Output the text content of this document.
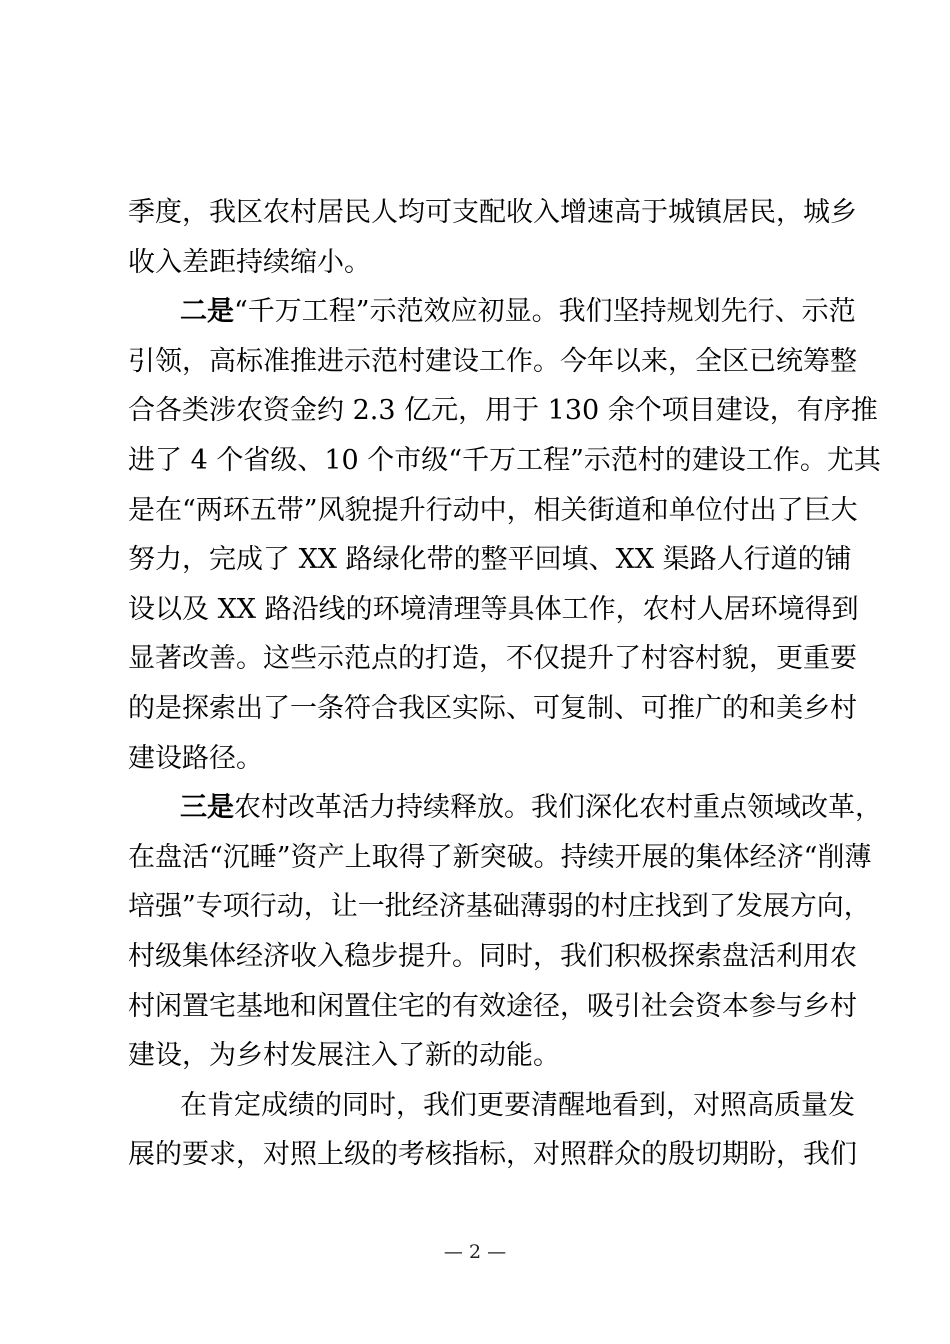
季度，我区农村居民人均可支配收入增速高于城镇居民，城乡
收入差距持续缩小。
二是“千万工程”示范效应初显。我们坚持规划先行、示范
引领，高标准推进示范村建设工作。今年以来，全区已统筹整
合各类涉农资金约 2.3 亿元，用于 130 余个项目建设，有序推
进了 4 个省级、10 个市级“千万工程”示范村的建设工作。尤其
是在“两环五带”风貌提升行动中，相关街道和单位付出了巨大
努力，完成了 XX 路绿化带的整平回填、XX 渠路人行道的铺
设以及 XX 路沿线的环境清理等具体工作，农村人居环境得到
显著改善。这些示范点的打造，不仅提升了村容村貌，更重要
的是探索出了一条符合我区实际、可复制、可推广的和美乡村
建设路径。
三是农村改革活力持续释放。我们深化农村重点领域改革，
在盘活“沉睡”资产上取得了新突破。持续开展的集体经济“削薄
培强”专项行动，让一批经济基础薄弱的村庄找到了发展方向，
村级集体经济收入稳步提升。同时，我们积极探索盘活利用农
村闲置宅基地和闲置住宅的有效途径，吸引社会资本参与乡村
建设，为乡村发展注入了新的动能。
在肯定成绩的同时，我们更要清醒地看到，对照高质量发
展的要求，对照上级的考核指标，对照群众的殷切期盼，我们
— 2 —
